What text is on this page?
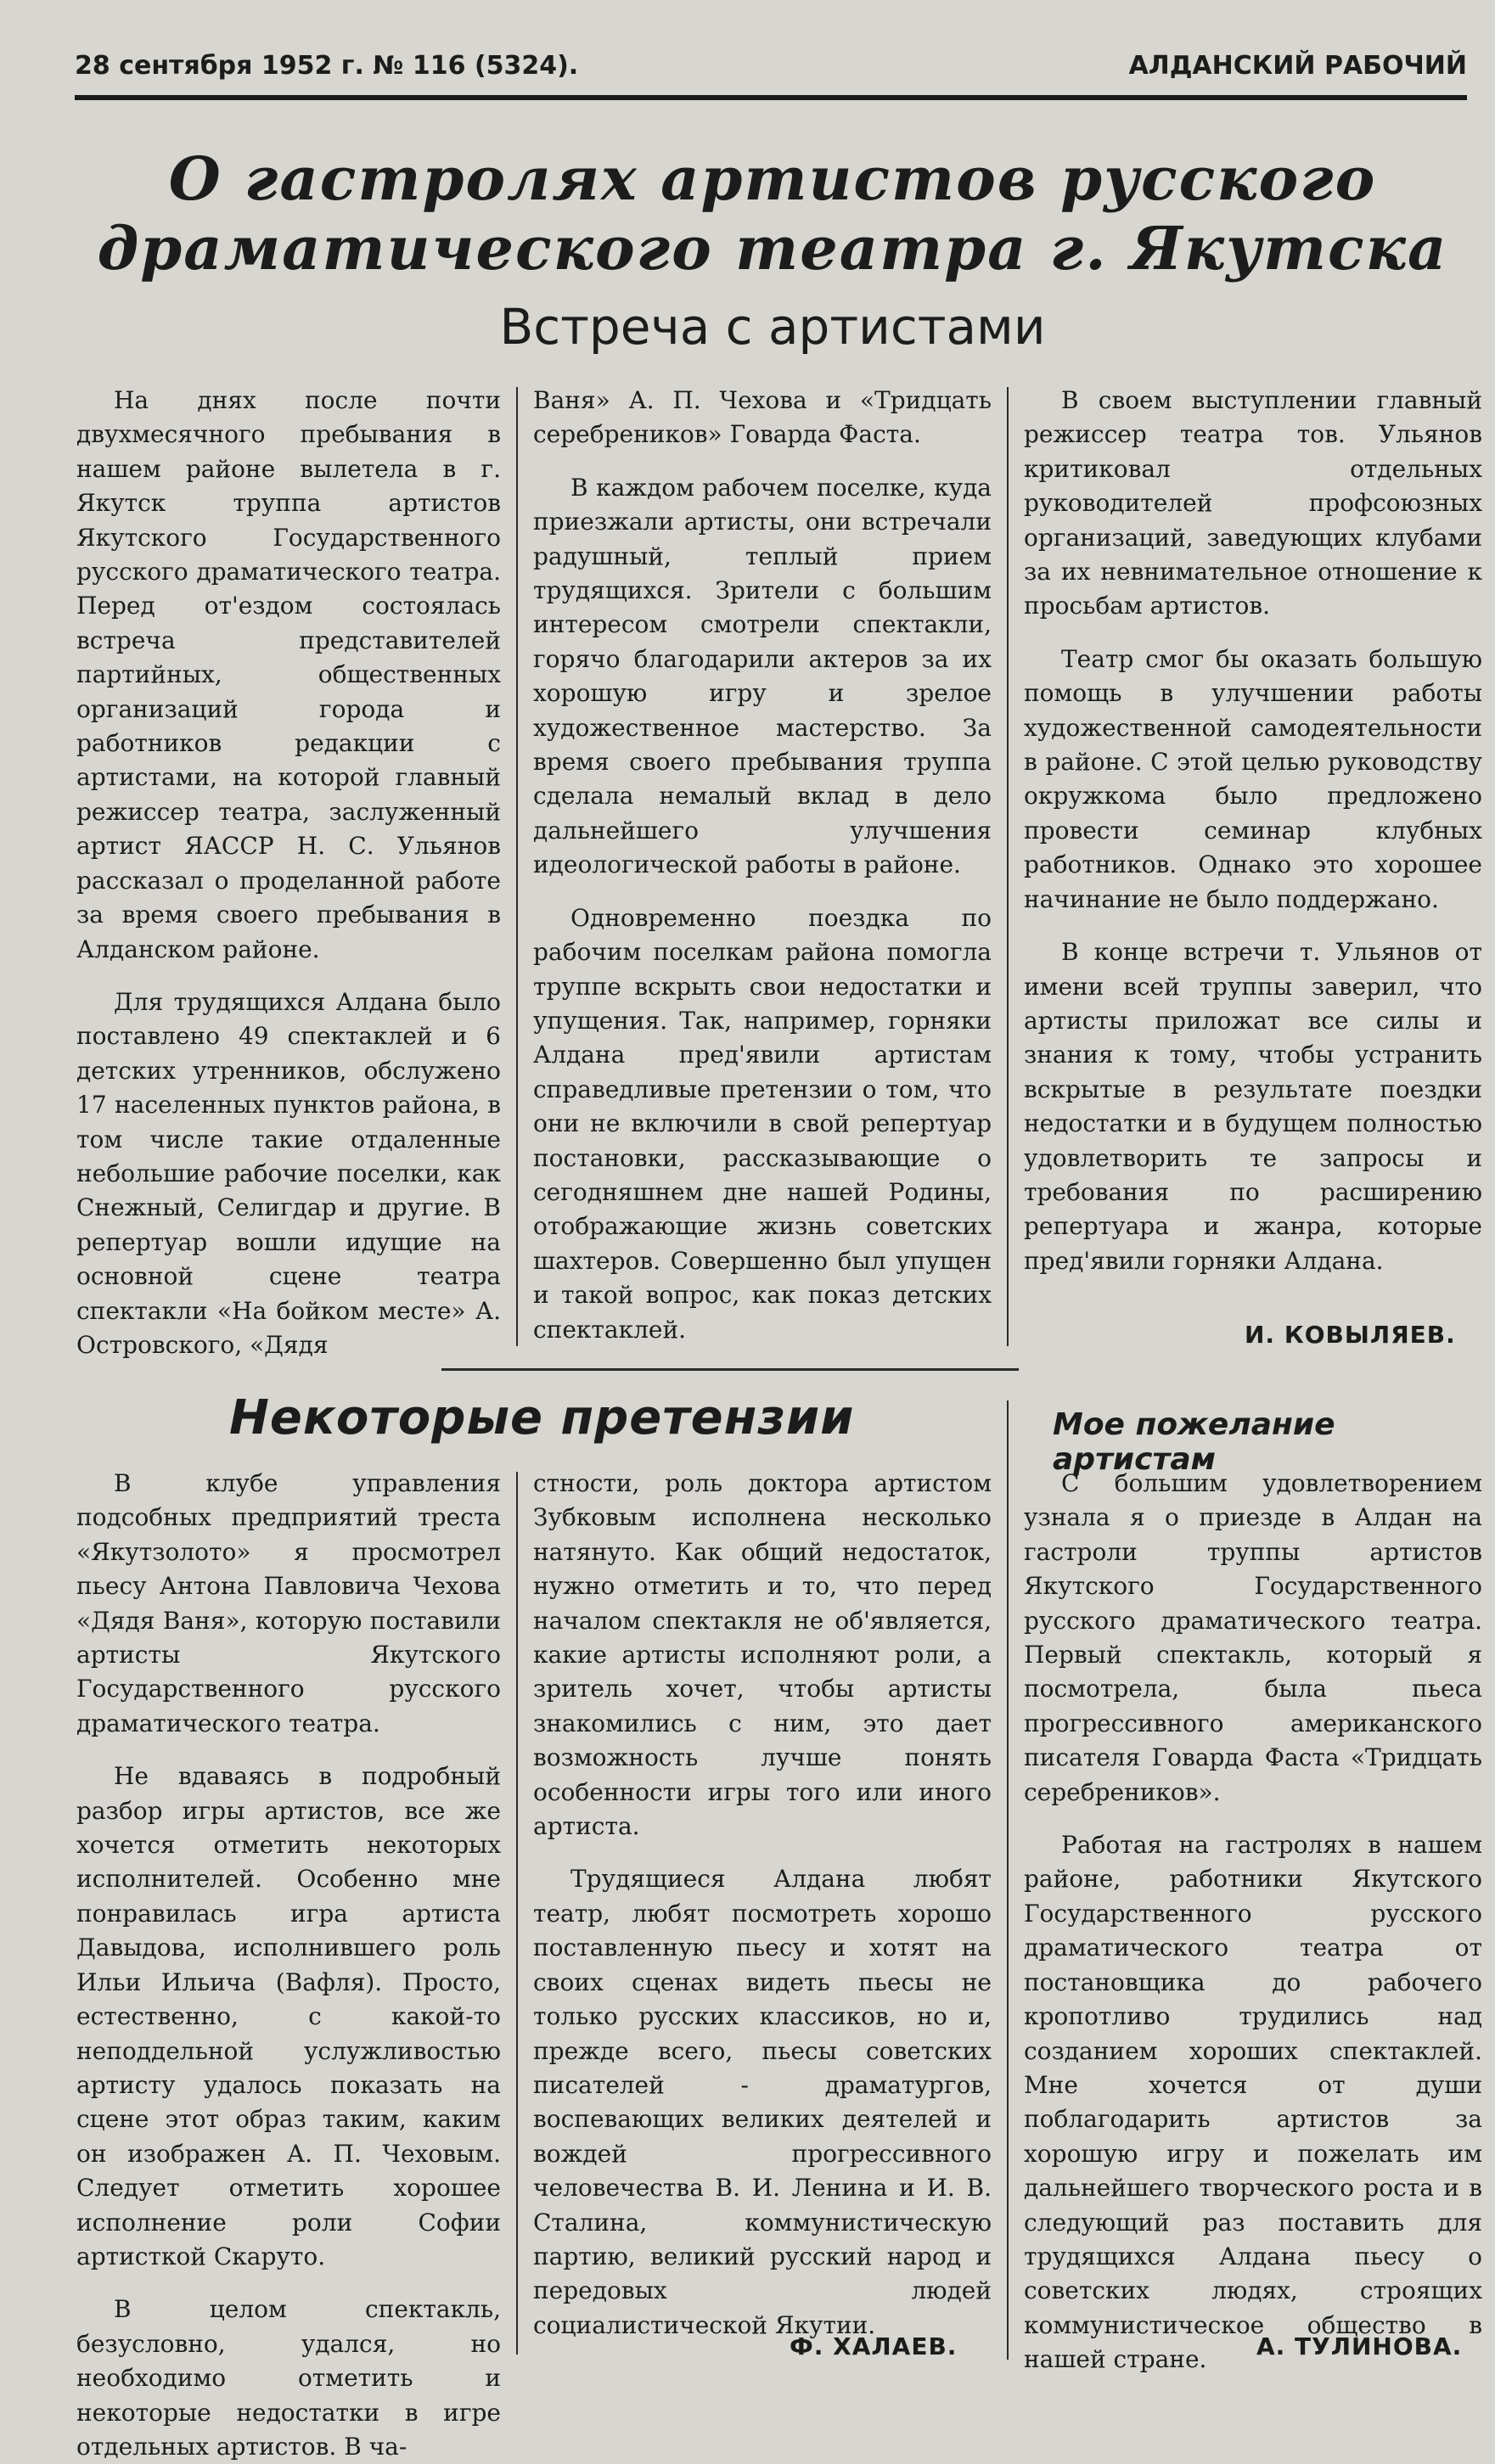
28 сентября 1952 г. № 116 (5324).	АЛДАНСКИЙ РАБОЧИЙ
О гастролях артистов русского
драматического театра г. Якутска
Встреча с артистами

На днях после почти двухмесячного пребывания в нашем районе вылетела в г. Якутск труппа артистов Якутского Государственного русского драматического театра. Перед от'ездом состоялась встреча представителей партийных, общественных организаций города и работников редакции с артистами, на которой главный режиссер театра, заслуженный артист ЯАССР Н. С. Ульянов рассказал о проделанной работе за время своего пребывания в Алданском районе.

Для трудящихся Алдана было поставлено 49 спектаклей и 6 детских утренников, обслужено 17 населенных пунктов района, в том числе такие отдаленные небольшие рабочие поселки, как Снежный, Селигдар и другие. В репертуар вошли идущие на основной сцене театра спектакли «На бойком месте» А. Островского, «Дядя

Ваня» А. П. Чехова и «Тридцать серебреников» Говарда Фаста.

В каждом рабочем поселке, куда приезжали артисты, они встречали радушный, теплый прием трудящихся. Зрители с большим интересом смотрели спектакли, горячо благодарили актеров за их хорошую игру и зрелое художественное мастерство. За время своего пребывания труппа сделала немалый вклад в дело дальнейшего улучшения идеологической работы в районе.

Одновременно поездка по рабочим поселкам района помогла труппе вскрыть свои недостатки и упущения. Так, например, горняки Алдана пред'явили артистам справедливые претензии о том, что они не включили в свой репертуар постановки, рассказывающие о сегодняшнем дне нашей Родины, отображающие жизнь советских шахтеров. Совершенно был упущен и такой вопрос, как показ детских спектаклей.

В своем выступлении главный режиссер театра тов. Ульянов критиковал отдельных руководителей профсоюзных организаций, заведующих клубами за их невнимательное отношение к просьбам артистов.

Театр смог бы оказать большую помощь в улучшении работы художественной самодеятельности в районе. С этой целью руководству окружкома было предложено провести семинар клубных работников. Однако это хорошее начинание не было поддержано.

В конце встречи т. Ульянов от имени всей труппы заверил, что артисты приложат все силы и знания к тому, чтобы устранить вскрытые в результате поездки недостатки и в будущем полностью удовлетворить те запросы и требования по расширению репертуара и жанра, которые пред'явили горняки Алдана.

И. КОВЫЛЯЕВ.
Некоторые претензии

В клубе управления подсобных предприятий треста «Якутзолото» я просмотрел пьесу Антона Павловича Чехова «Дядя Ваня», которую поставили артисты Якутского Государственного русского драматического театра.

Не вдаваясь в подробный разбор игры артистов, все же хочется отметить некоторых исполнителей. Особенно мне понравилась игра артиста Давыдова, исполнившего роль Ильи Ильича (Вафля). Просто, естественно, с какой-то неподдельной услужливостью артисту удалось показать на сцене этот образ таким, каким он изображен А. П. Чеховым. Следует отметить хорошее исполнение роли Софии артисткой Скаруто.

В целом спектакль, безусловно, удался, но необходимо отметить и некоторые недостатки в игре отдельных артистов. В ча-

стности, роль доктора артистом Зубковым исполнена несколько натянуто. Как общий недостаток, нужно отметить и то, что перед началом спектакля не об'является, какие артисты исполняют роли, а зритель хочет, чтобы артисты знакомились с ним, это дает возможность лучше понять особенности игры того или иного артиста.

Трудящиеся Алдана любят театр, любят посмотреть хорошо поставленную пьесу и хотят на своих сценах видеть пьесы не только русских классиков, но и, прежде всего, пьесы советских писателей - драматургов, воспевающих великих деятелей и вождей прогрессивного человечества В. И. Ленина и И. В. Сталина, коммунистическую партию, великий русский народ и передовых людей социалистической Якутии.

Ф. ХАЛАЕВ.
Мое пожелание артистам

С большим удовлетворением узнала я о приезде в Алдан на гастроли труппы артистов Якутского Государственного русского драматического театра. Первый спектакль, который я посмотрела, была пьеса прогрессивного американского писателя Говарда Фаста «Тридцать серебреников».

Работая на гастролях в нашем районе, работники Якутского Государственного русского драматического театра от постановщика до рабочего кропотливо трудились над созданием хороших спектаклей. Мне хочется от души поблагодарить артистов за хорошую игру и пожелать им дальнейшего творческого роста и в следующий раз поставить для трудящихся Алдана пьесу о советских людях, строящих коммунистическое общество в нашей стране.	А. ТУЛИНОВА.
